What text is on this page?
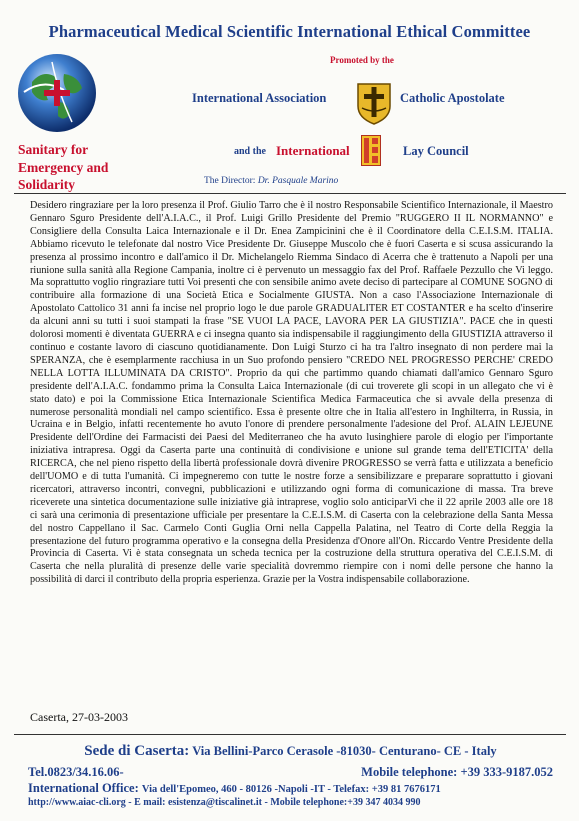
Pharmaceutical Medical Scientific International Ethical Committee
Sanitary for
Emergency and
Solidarity
Promoted by the
International Association	Catholic Apostolate
and the International	Lay Council
The Director: Dr. Pasquale Marino
Desidero ringraziare per la loro presenza il Prof. Giulio Tarro che è il nostro Responsabile Scientifico Internazionale, il Maestro Gennaro Sguro Presidente dell'A.I.A.C., il Prof. Luigi Grillo Presidente del Premio "RUGGERO II IL NORMANNO" e Consigliere della Consulta Laica Internazionale e il Dr. Enea Zampicinini che è il Coordinatore della C.E.I.S.M. ITALIA. Abbiamo ricevuto le telefonate dal nostro Vice Presidente Dr. Giuseppe Muscolo che è fuori Caserta e si scusa assicurando la presenza al prossimo incontro e dall'amico il Dr. Michelangelo Riemma Sindaco di Acerra che è trattenuto a Napoli per una riunione sulla sanità alla Regione Campania, inoltre ci è pervenuto un messaggio fax del Prof. Raffaele Pezzullo che Vi leggo. Ma soprattutto voglio ringraziare tutti Voi presenti che con sensibile animo avete deciso di partecipare al COMUNE SOGNO di contribuire alla formazione di una Società Etica e Socialmente GIUSTA. Non a caso l'Associazione Internazionale di Apostolato Cattolico 31 anni fa incise nel proprio logo le due parole GRADUALITER ET COSTANTER e ha scelto d'inserire da alcuni anni su tutti i suoi stampati la frase "SE VUOI LA PACE, LAVORA PER LA GIUSTIZIA". PACE che in questi dolorosi momenti è diventata GUERRA e ci insegna quanto sia indispensabile il raggiungimento della GIUSTIZIA attraverso il continuo e costante lavoro di ciascuno quotidianamente. Don Luigi Sturzo ci ha tra l'altro insegnato di non perdere mai la SPERANZA, che è esemplarmente racchiusa in un Suo profondo pensiero "CREDO NEL PROGRESSO PERCHE' CREDO NELLA LOTTA ILLUMINATA DA CRISTO". Proprio da qui che partimmo quando chiamati dall'amico Gennaro Sguro presidente dell'A.I.A.C. fondammo prima la Consulta Laica Internazionale (di cui troverete gli scopi in un allegato che vi è stato dato) e poi la Commissione Etica Internazionale Scientifica Medica Farmaceutica che si avvale della presenza di numerose personalità mondiali nel campo scientifico. Essa è presente oltre che in Italia all'estero in Inghilterra, in Russia, in Ucraina e in Belgio, infatti recentemente ho avuto l'onore di prendere personalmente l'adesione del Prof. ALAIN LEJEUNE Presidente dell'Ordine dei Farmacisti dei Paesi del Mediterraneo che ha avuto lusinghiere parole di elogio per l'importante iniziativa intrapresa. Oggi da Caserta parte una continuità di condivisione e unione sul grande tema dell'ETICITA' della RICERCA, che nel pieno rispetto della libertà professionale dovrà divenire PROGRESSO se verrà fatta e utilizzata a beneficio dell'UOMO e di tutta l'umanità. Ci impegneremo con tutte le nostre forze a sensibilizzare e preparare soprattutto i giovani ricercatori, attraverso incontri, convegni, pubblicazioni e utilizzando ogni forma di comunicazione di massa. Tra breve riceverete una sintetica documentazione sulle iniziative già intraprese, voglio solo anticiparVi che il 22 aprile 2003 alle ore 18 ci sarà una cerimonia di presentazione ufficiale per presentare la C.E.I.S.M. di Caserta con la celebrazione della Santa Messa del nostro Cappellano il Sac. Carmelo Conti Guglia Orni nella Cappella Palatina, nel Teatro di Corte della Reggia la presentazione del futuro programma operativo e la consegna della Presidenza d'Onore all'On. Riccardo Ventre Presidente della Provincia di Caserta. Vi è stata consegnata un scheda tecnica per la costruzione della struttura operativa del C.E.I.S.M. di Caserta che nella pluralità di presenze delle varie specialità dovremmo riempire con i nomi delle persone che hanno la possibilità di darci il contributo della propria esperienza. Grazie per la Vostra indispensabile collaborazione.
Caserta, 27-03-2003
Sede di Caserta: Via Bellini-Parco Cerasole -81030- Centurano- CE - Italy
Tel.0823/34.16.06-	Mobile telephone: +39 333-9187.052
International Office: Via dell'Epomeo, 460 - 80126 -Napoli -IT - Telefax: +39 81 7676171
http://www.aiac-cli.org - E mail: esistenza@tiscalinet.it - Mobile telephone:+39 347 4034 990
